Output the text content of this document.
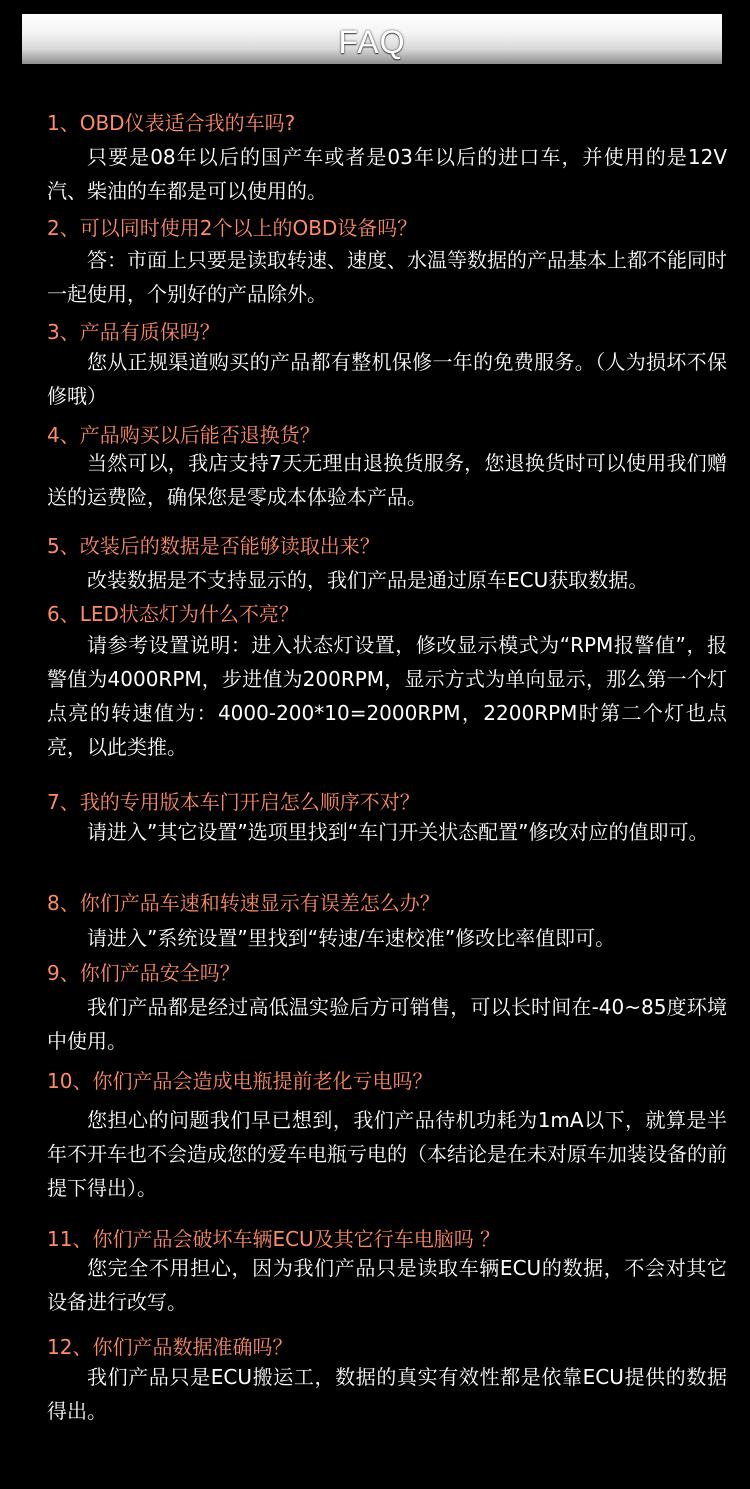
FAQ
1、OBD仪表适合我的车吗?
只要是08年以后的国产车或者是03年以后的进口车，并使用的是12V汽、柴油的车都是可以使用的。
2、可以同时使用2个以上的OBD设备吗？
答：市面上只要是读取转速、速度、水温等数据的产品基本上都不能同时一起使用，个别好的产品除外。
3、产品有质保吗？
您从正规渠道购买的产品都有整机保修一年的免费服务。（人为损坏不保修哦）
4、产品购买以后能否退换货？
当然可以，我店支持7天无理由退换货服务，您退换货时可以使用我们赠送的运费险，确保您是零成本体验本产品。
5、改装后的数据是否能够读取出来？
改装数据是不支持显示的，我们产品是通过原车ECU获取数据。
6、LED状态灯为什么不亮？
请参考设置说明：进入状态灯设置，修改显示模式为“RPM报警值”，报警值为4000RPM，步进值为200RPM，显示方式为单向显示，那么第一个灯点亮的转速值为：4000-200*10=2000RPM，2200RPM时第二个灯也点亮，以此类推。
7、我的专用版本车门开启怎么顺序不对？
请进入”其它设置”选项里找到“车门开关状态配置”修改对应的值即可。
8、你们产品车速和转速显示有误差怎么办？
请进入”系统设置”里找到“转速/车速校准”修改比率值即可。
9、你们产品安全吗？
我们产品都是经过高低温实验后方可销售，可以长时间在-40~85度环境中使用。
10、你们产品会造成电瓶提前老化亏电吗？
您担心的问题我们早已想到，我们产品待机功耗为1mA以下，就算是半年不开车也不会造成您的爱车电瓶亏电的（本结论是在未对原车加装设备的前提下得出）。
11、你们产品会破坏车辆ECU及其它行车电脑吗 ？
您完全不用担心，因为我们产品只是读取车辆ECU的数据，不会对其它设备进行改写。
12、你们产品数据准确吗？
我们产品只是ECU搬运工，数据的真实有效性都是依靠ECU提供的数据得出。
